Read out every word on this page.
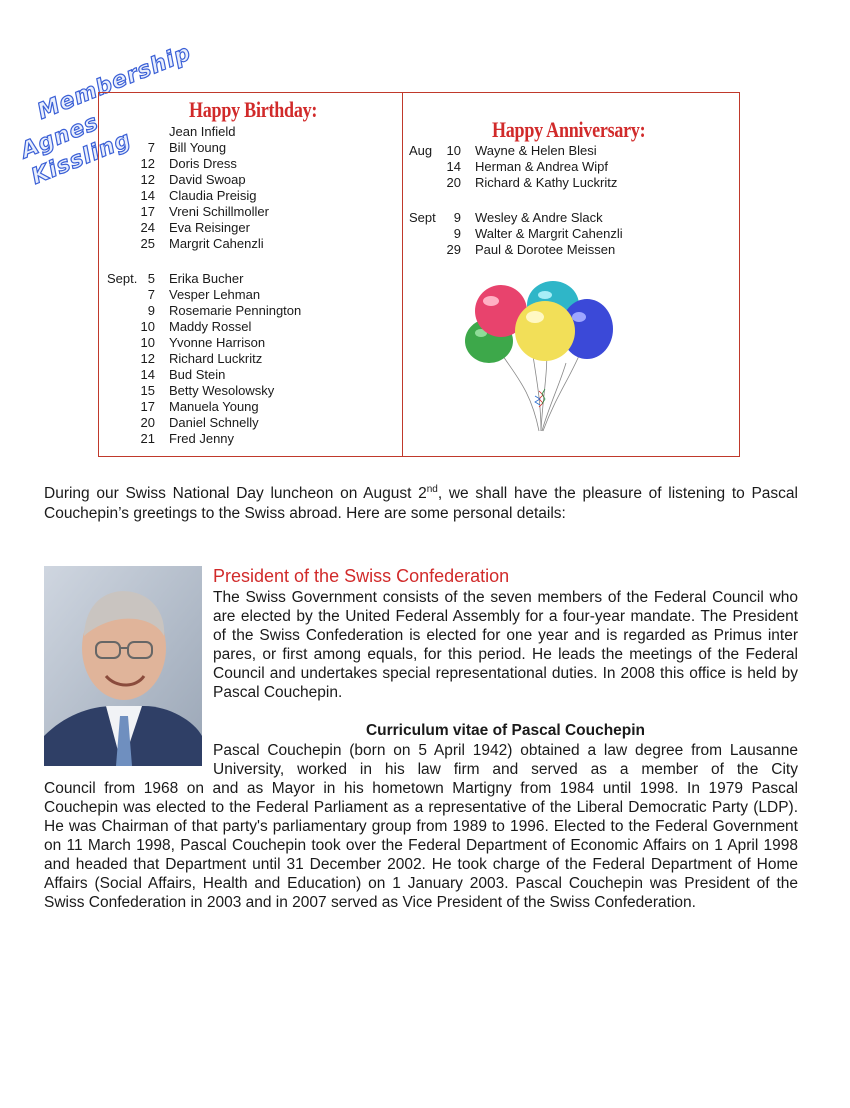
Membership
Agnes Kissling
Happy Birthday:
Jean Infield
7 Bill Young
12 Doris Dress
12 David Swoap
14 Claudia Preisig
17 Vreni Schillmoller
24 Eva Reisinger
25 Margrit Cahenzli
Sept. 5 Erika Bucher
7 Vesper Lehman
9 Rosemarie Pennington
10 Maddy Rossel
10 Yvonne Harrison
12 Richard Luckritz
14 Bud Stein
15 Betty Wesolowsky
17 Manuela Young
20 Daniel Schnelly
21 Fred Jenny
Happy Anniversary:
Aug	10 Wayne & Helen Blesi
14 Herman & Andrea Wipf
20 Richard & Kathy Luckritz
Sept	9 Wesley & Andre Slack
9 Walter & Margrit Cahenzli
29 Paul & Dorotee Meissen
During our Swiss National Day luncheon on August 2nd, we shall have the pleasure of listening to Pascal Couchepin’s greetings to the Swiss abroad. Here are some personal details:
President of the Swiss Confederation
The Swiss Government consists of the seven members of the Federal Council who are elected by the United Federal Assembly for a four-year mandate. The President of the Swiss Confederation is elected for one year and is regarded as Primus inter pares, or first among equals, for this period. He leads the meetings of the Federal Council and undertakes special representational duties. In 2008 this office is held by Pascal Couchepin.
Curriculum vitae of Pascal Couchepin
Pascal Couchepin (born on 5 April 1942) obtained a law degree from Lausanne University, worked in his law firm and served as a member of the City
Council from 1968 on and as Mayor in his hometown Martigny from 1984 until 1998. In 1979 Pascal Couchepin was elected to the Federal Parliament as a representative of the Liberal Democratic Party (LDP). He was Chairman of that party's parliamentary group from 1989 to 1996. Elected to the Federal Government on 11 March 1998, Pascal Couchepin took over the Federal Department of Economic Affairs on 1 April 1998 and headed that Department until 31 December 2002. He took charge of the Federal Department of Home Affairs (Social Affairs, Health and Education) on 1 January 2003. Pascal Couchepin was President of the Swiss Confederation in 2003 and in 2007 served as Vice President of the Swiss Confederation.
